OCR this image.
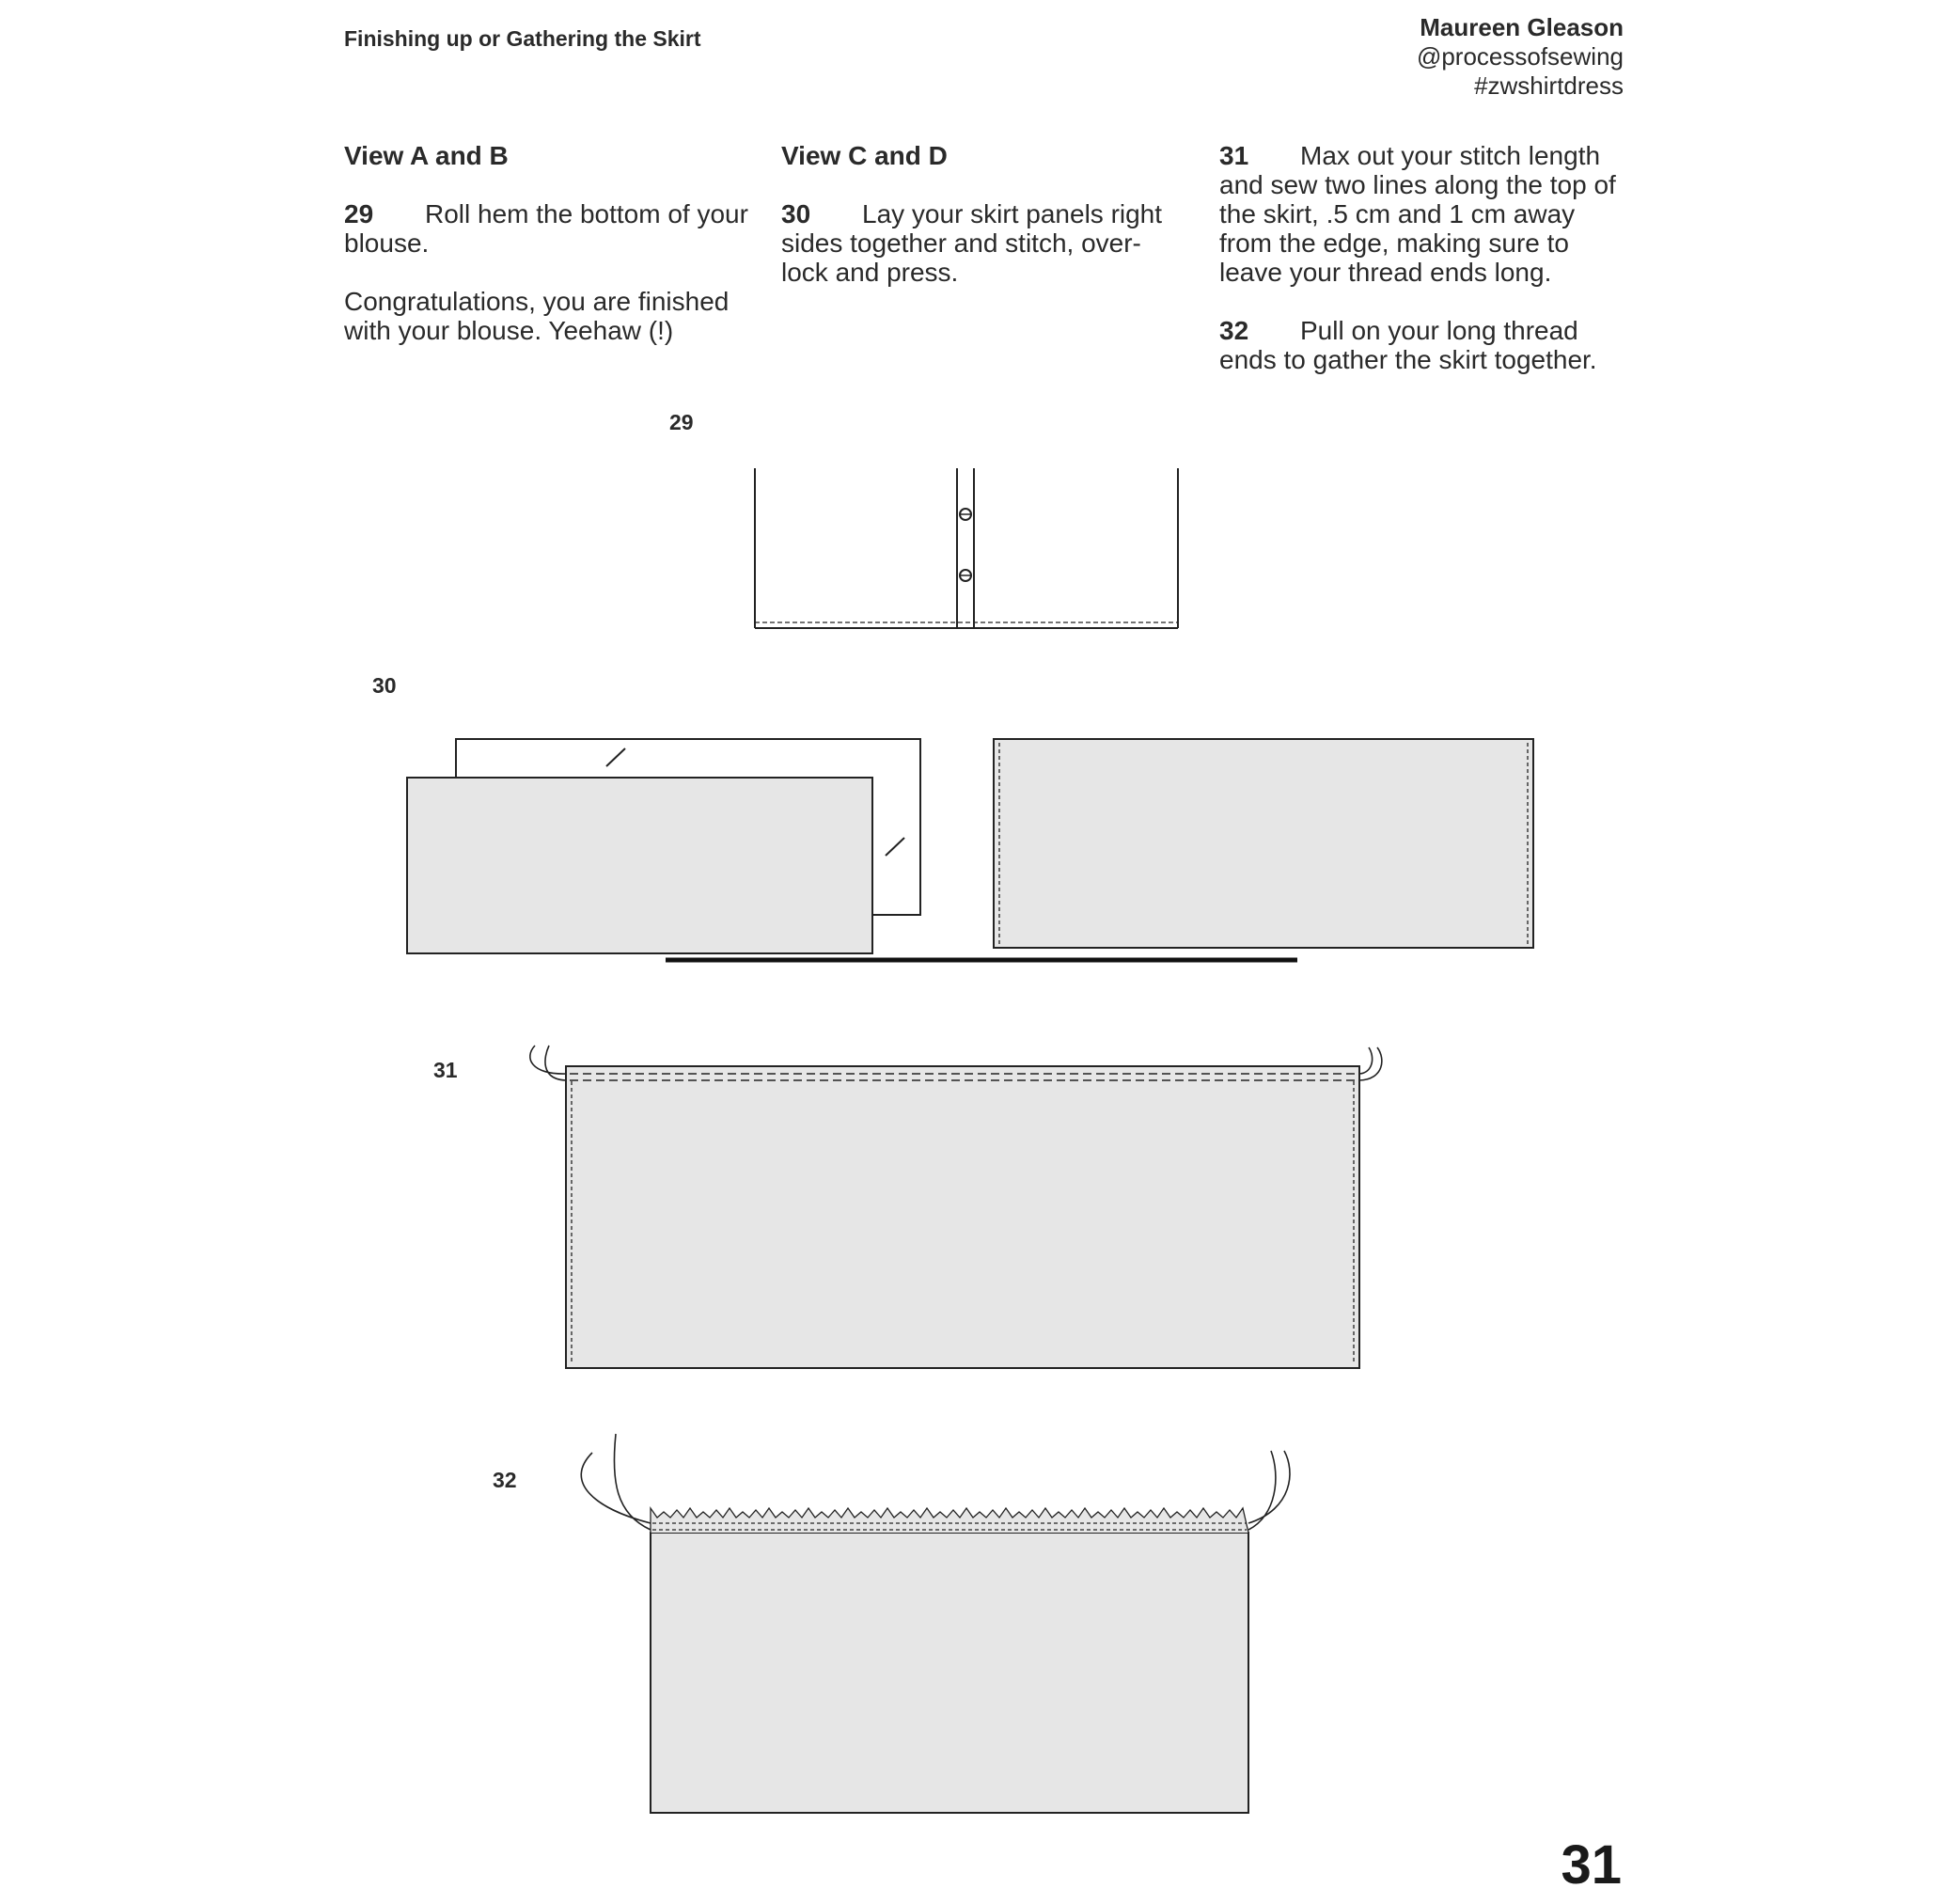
Finishing up or Gathering the Skirt	Maureen Gleason
@processofsewing
#zwshirtdress
View A and B

29 Roll hem the bottom of your blouse.

Congratulations, you are finished with your blouse. Yeehaw (!)

View C and D

30 Lay your skirt panels right sides together and stitch, over-lock and press.

31 Max out your stitch length and sew two lines along the top of the skirt, .5 cm and 1 cm away from the edge, making sure to leave your thread ends long.

32 Pull on your long thread ends to gather the skirt together.

29
30
31
32
31
